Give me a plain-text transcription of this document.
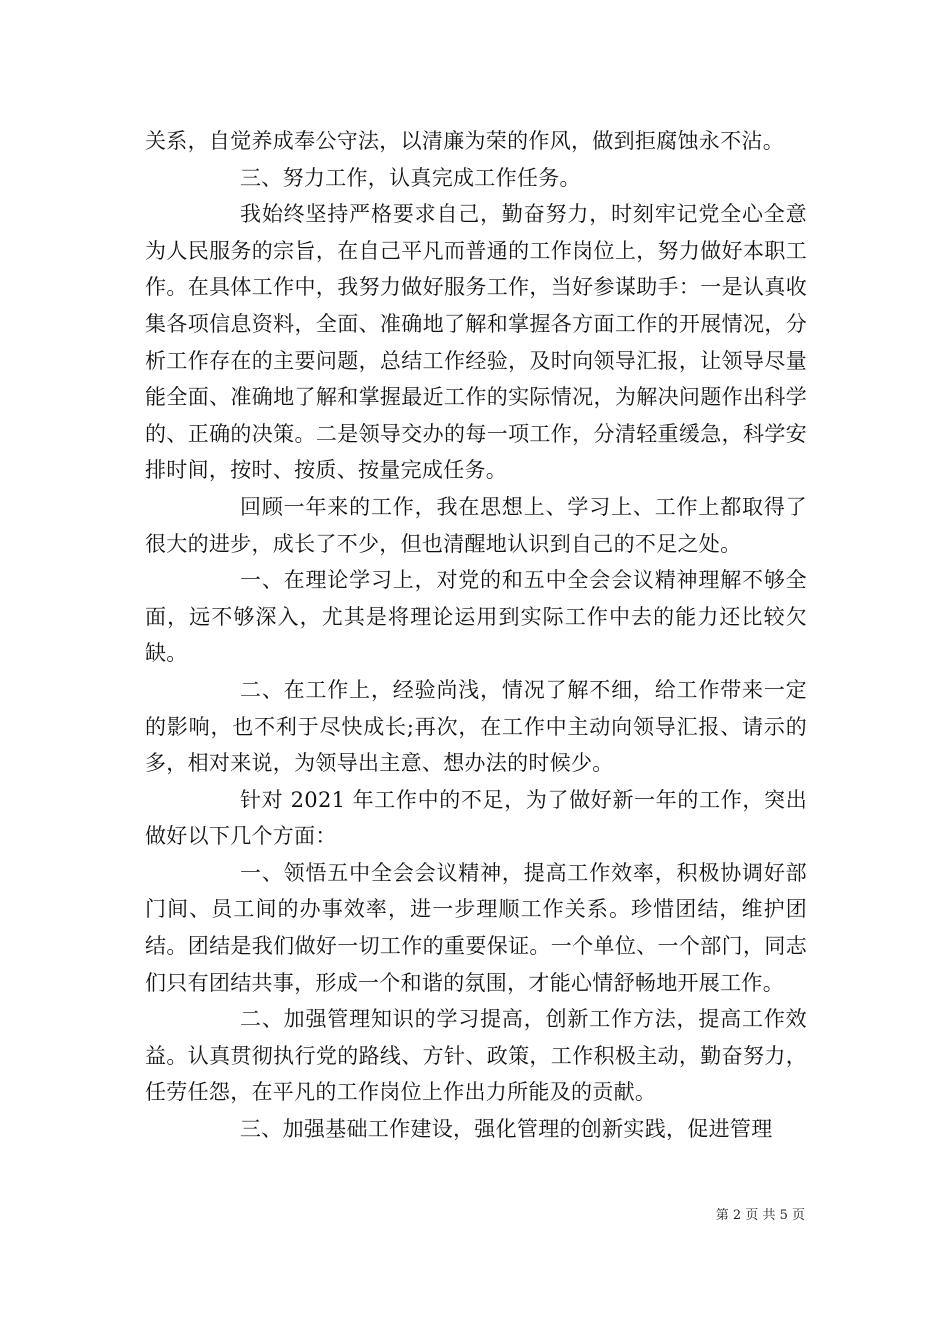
关系，自觉养成奉公守法，以清廉为荣的作风，做到拒腐蚀永不沾。

三、努力工作，认真完成工作任务。

我始终坚持严格要求自己，勤奋努力，时刻牢记党全心全意为人民服务的宗旨，在自己平凡而普通的工作岗位上，努力做好本职工作。在具体工作中，我努力做好服务工作，当好参谋助手：一是认真收集各项信息资料，全面、准确地了解和掌握各方面工作的开展情况，分析工作存在的主要问题，总结工作经验，及时向领导汇报，让领导尽量能全面、准确地了解和掌握最近工作的实际情况，为解决问题作出科学的、正确的决策。二是领导交办的每一项工作，分清轻重缓急，科学安排时间，按时、按质、按量完成任务。

回顾一年来的工作，我在思想上、学习上、工作上都取得了很大的进步，成长了不少，但也清醒地认识到自己的不足之处。

一、在理论学习上，对党的和五中全会会议精神理解不够全面，远不够深入，尤其是将理论运用到实际工作中去的能力还比较欠缺。

二、在工作上，经验尚浅，情况了解不细，给工作带来一定的影响，也不利于尽快成长;再次，在工作中主动向领导汇报、请示的多，相对来说，为领导出主意、想办法的时候少。

针对 2021 年工作中的不足，为了做好新一年的工作，突出做好以下几个方面：

一、领悟五中全会会议精神，提高工作效率，积极协调好部门间、员工间的办事效率，进一步理顺工作关系。珍惜团结，维护团结。团结是我们做好一切工作的重要保证。一个单位、一个部门，同志们只有团结共事，形成一个和谐的氛围，才能心情舒畅地开展工作。

二、加强管理知识的学习提高，创新工作方法，提高工作效益。认真贯彻执行党的路线、方针、政策，工作积极主动，勤奋努力，任劳任怨，在平凡的工作岗位上作出力所能及的贡献。

三、加强基础工作建设，强化管理的创新实践，促进管理

第 2 页 共 5 页
